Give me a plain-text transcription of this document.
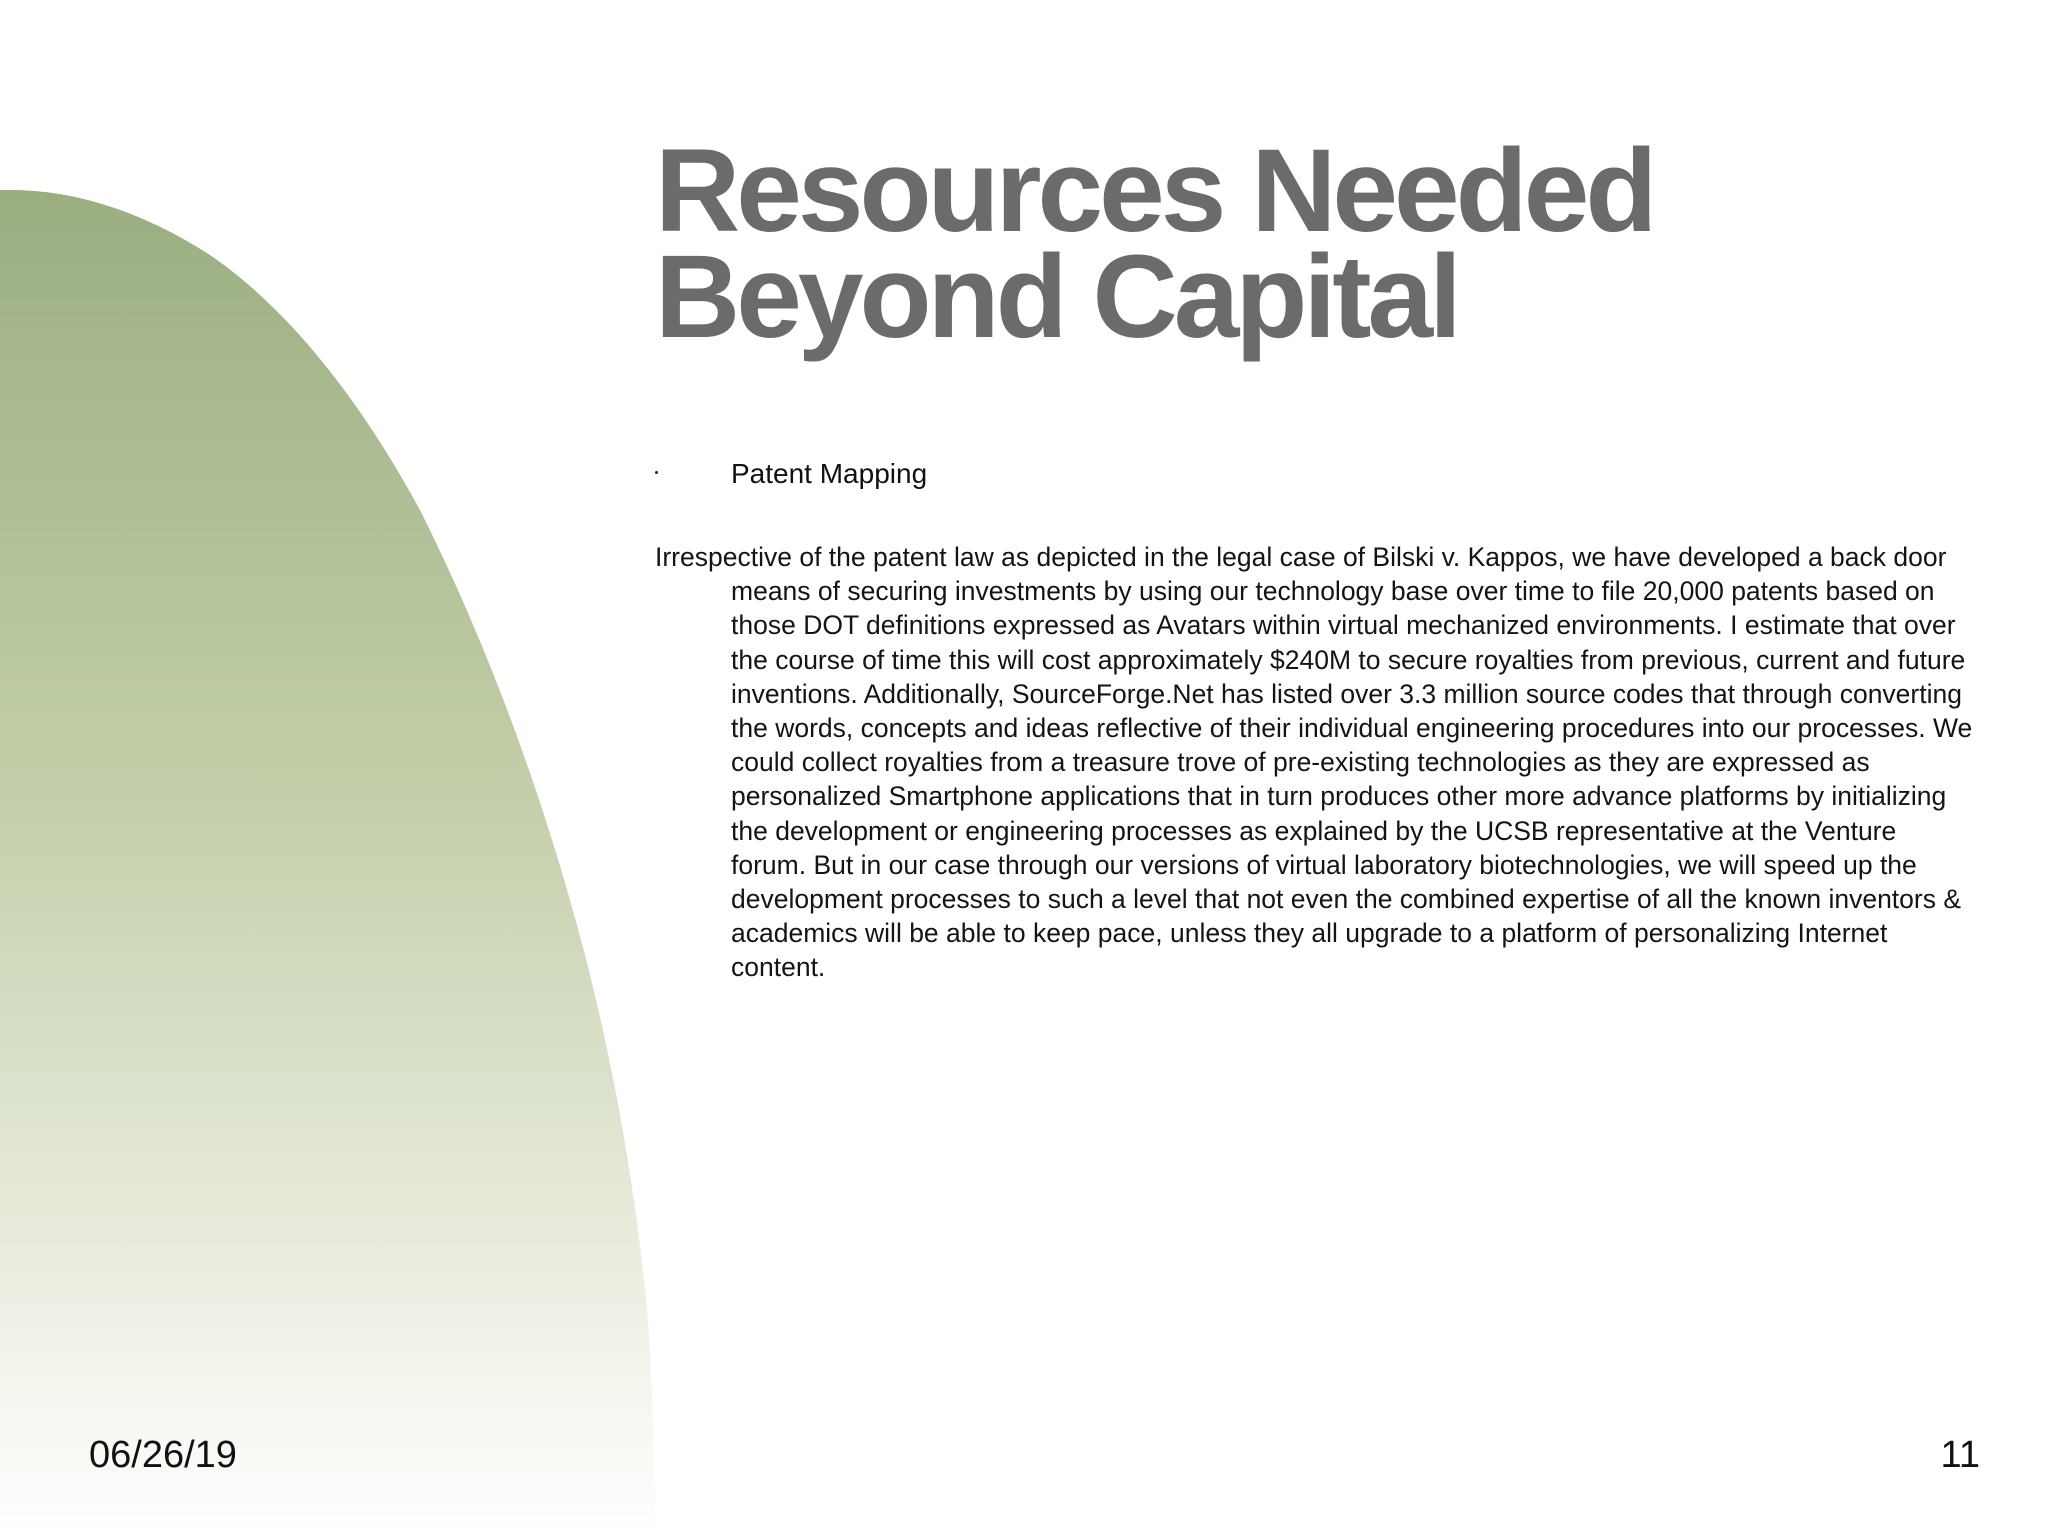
Resources Needed
Beyond Capital
Patent Mapping

Irrespective of the patent law as depicted in the legal case of Bilski v. Kappos, we have developed a back door means of securing investments by using our technology base over time to file 20,000 patents based on those DOT definitions expressed as Avatars within virtual mechanized environments. I estimate that over the course of time this will cost approximately $240M to secure royalties from previous, current and future inventions. Additionally, SourceForge.Net has listed over 3.3 million source codes that through converting the words, concepts and ideas reflective of their individual engineering procedures into our processes. We could collect royalties from a treasure trove of pre-existing technologies as they are expressed as personalized Smartphone applications that in turn produces other more advance platforms by initializing the development or engineering processes as explained by the UCSB representative at the Venture forum. But in our case through our versions of virtual laboratory biotechnologies, we will speed up the development processes to such a level that not even the combined expertise of all the known inventors & academics will be able to keep pace, unless they all upgrade to a platform of personalizing Internet content.

06/26/19	11
